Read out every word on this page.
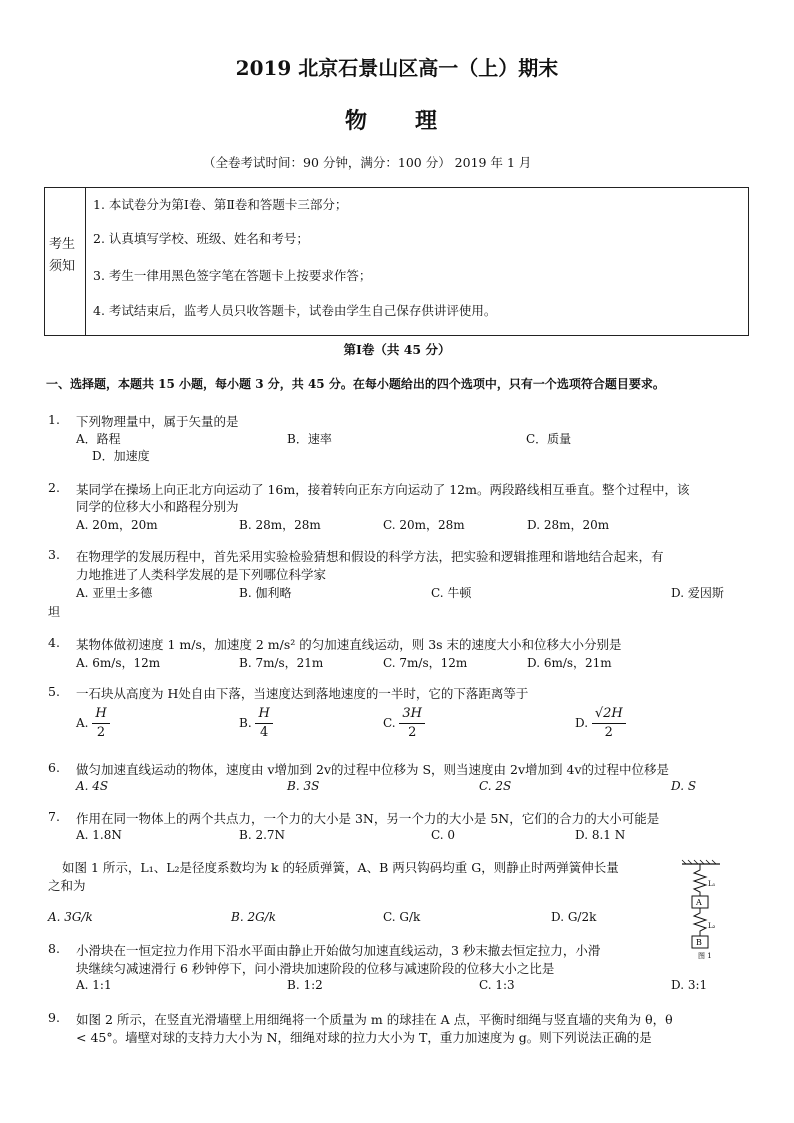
2019 北京石景山区高一（上）期末
物理
（全卷考试时间：90 分钟，满分：100 分） 2019 年 1 月
考生
须知
1. 本试卷分为第Ⅰ卷、第Ⅱ卷和答题卡三部分；
2. 认真填写学校、班级、姓名和考号；
3. 考生一律用黑色签字笔在答题卡上按要求作答；
4. 考试结束后，监考人员只收答题卡，试卷由学生自己保存供讲评使用。
第Ⅰ卷（共 45 分）
一、选择题，本题共 15 小题，每小题 3 分，共 45 分。在每小题给出的四个选项中，只有一个选项符合题目要求。
1. 下列物理量中，属于矢量的是
A．路程	B．速率	C．质量
D．加速度
2. 某同学在操场上向正北方向运动了 16m，接着转向正东方向运动了 12m。两段路线相互垂直。整个过程中，该
同学的位移大小和路程分别为
A. 20m，20m	B. 28m，28m	C. 20m，28m	D. 28m，20m
3. 在物理学的发展历程中，首先采用实验检验猜想和假设的科学方法，把实验和逻辑推理和谐地结合起来，有
力地推进了人类科学发展的是下列哪位科学家
A. 亚里士多德	B. 伽利略	C. 牛顿	D. 爱因斯
坦
4. 某物体做初速度 1 m/s，加速度 2 m/s² 的匀加速直线运动，则 3s 末的速度大小和位移大小分别是
A. 6m/s，12m	B. 7m/s，21m	C. 7m/s，12m	D. 6m/s，21m
5. 一石块从高度为 H处自由下落，当速度达到落地速度的一半时，它的下落距离等于
A. $\frac{H}{2}$	B. $\frac{H}{4}$	C. $\frac{3H}{2}$	D. $\frac{√2H}{2}$
6. 做匀加速直线运动的物体，速度由 v增加到 2v的过程中位移为 S，则当速度由 2v增加到 4v的过程中位移是
A. 4S	B. 3S	C. 2S	D. S
7. 作用在同一物体上的两个共点力，一个力的大小是 3N，另一个力的大小是 5N，它们的合力的大小可能是
A. 1.8N	B. 2.7N	C. 0	D. 8.1 N
如图 1 所示，L₁、L₂是径度系数均为 k 的轻质弹簧，A、B 两只钩码均重 G，则静止时两弹簧伸长量
之和为
A. 3G/k	B. 2G/k	C. G/k	D. G/2k
L₁
A
L₂
B
图 1
8. 小滑块在一恒定拉力作用下沿水平面由静止开始做匀加速直线运动，3 秒末撤去恒定拉力，小滑
块继续匀减速滑行 6 秒钟停下，问小滑块加速阶段的位移与减速阶段的位移大小之比是
A. 1:1	B. 1:2	C. 1:3	D. 3:1
9. 如图 2 所示，在竖直光滑墙壁上用细绳将一个质量为 m 的球挂在 A 点，平衡时细绳与竖直墙的夹角为 θ，θ
< 45°。墙壁对球的支持力大小为 N，细绳对球的拉力大小为 T，重力加速度为 g。则下列说法正确的是
